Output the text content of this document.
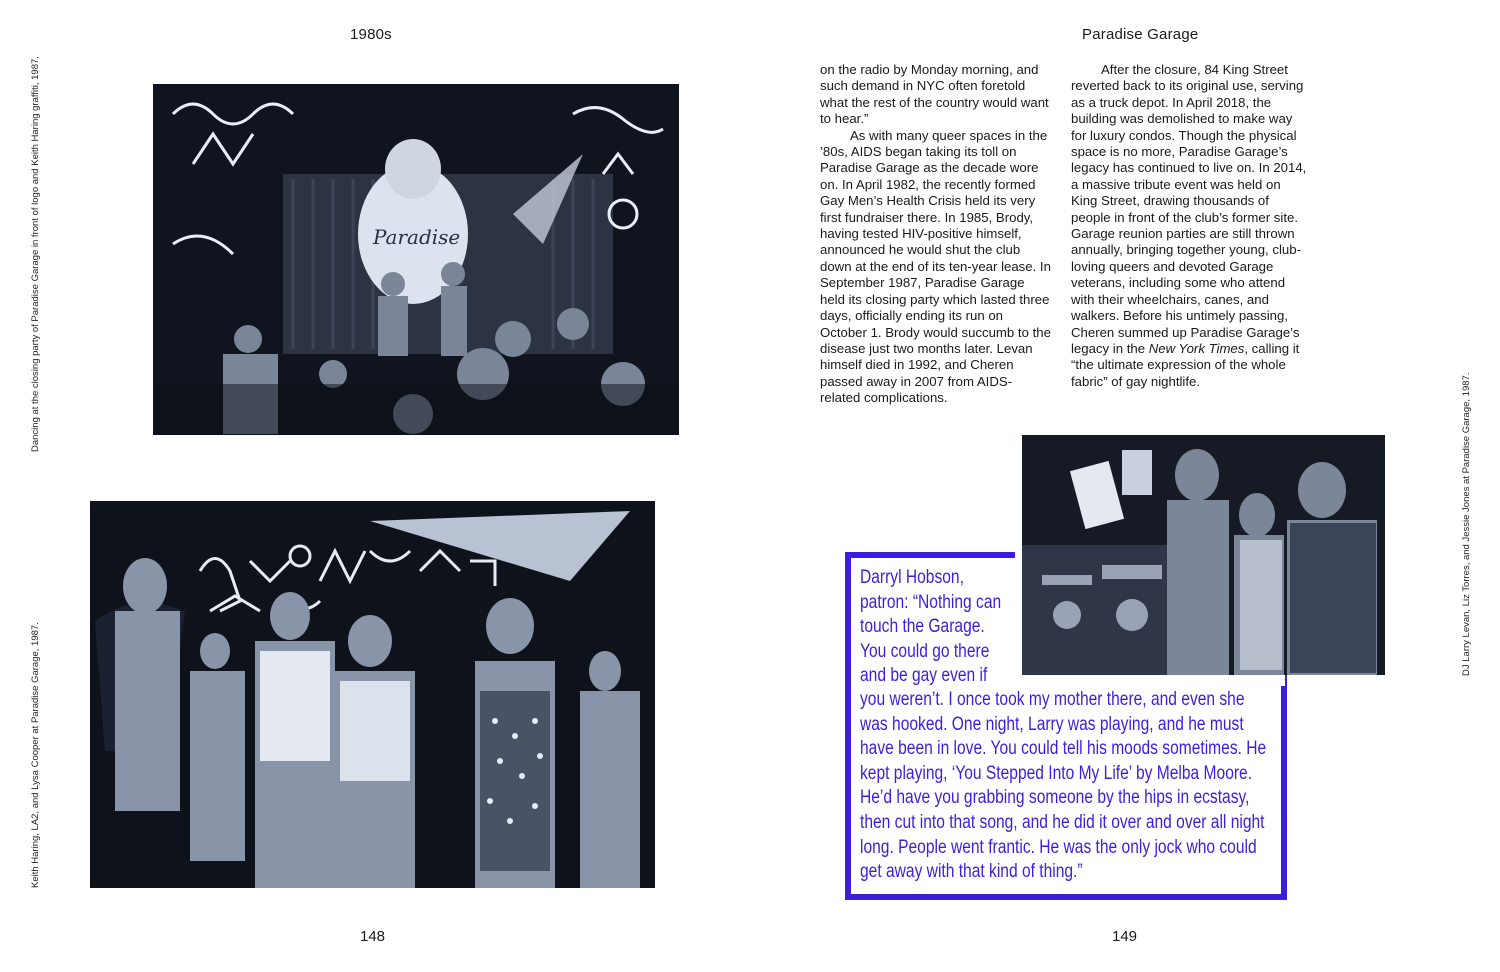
1980s
148
Dancing at the closing party of Paradise Garage in front of logo and Keith Haring graffiti, 1987.
Keith Haring, LA2, and Lysa Cooper at Paradise Garage, 1987.
Paradise
Paradise Garage
149

on the radio by Monday morning, and such demand in NYC often foretold what the rest of the country would want to hear.”

As with many queer spaces in the ’80s, AIDS began taking its toll on Paradise Garage as the decade wore on. In April 1982, the recently formed Gay Men’s Health Crisis held its very first fundraiser there. In 1985, Brody, having tested HIV-positive himself, announced he would shut the club down at the end of its ten-year lease. In September 1987, Paradise Garage held its closing party which lasted three days, officially ending its run on October 1. Brody would succumb to the disease just two months later. Levan himself died in 1992, and Cheren passed away in 2007 from AIDS-related complications.

After the closure, 84 King Street reverted back to its original use, serving as a truck depot. In April 2018, the building was demolished to make way for luxury condos. Though the physical space is no more, Paradise Garage’s legacy has continued to live on. In 2014, a massive tribute event was held on King Street, drawing thousands of people in front of the club’s former site. Garage reunion parties are still thrown annually, bringing together young, club-loving queers and devoted Garage veterans, including some who attend with their wheelchairs, canes, and walkers. Before his untimely passing, Cheren summed up Paradise Garage’s legacy in the New York Times, calling it “the ultimate expression of the whole fabric” of gay nightlife.	DJ Larry Levan, Liz Torres, and Jessie Jones at Paradise Garage, 1987.
Darryl Hobson,
patron: “Nothing can
touch the Garage.
You could go there
and be gay even if
you weren’t. I once took my mother there, and even she
was hooked. One night, Larry was playing, and he must
have been in love. You could tell his moods sometimes. He
kept playing, ‘You Stepped Into My Life’ by Melba Moore.
He’d have you grabbing someone by the hips in ecstasy,
then cut into that song, and he did it over and over all night
long. People went frantic. He was the only jock who could
get away with that kind of thing.”
